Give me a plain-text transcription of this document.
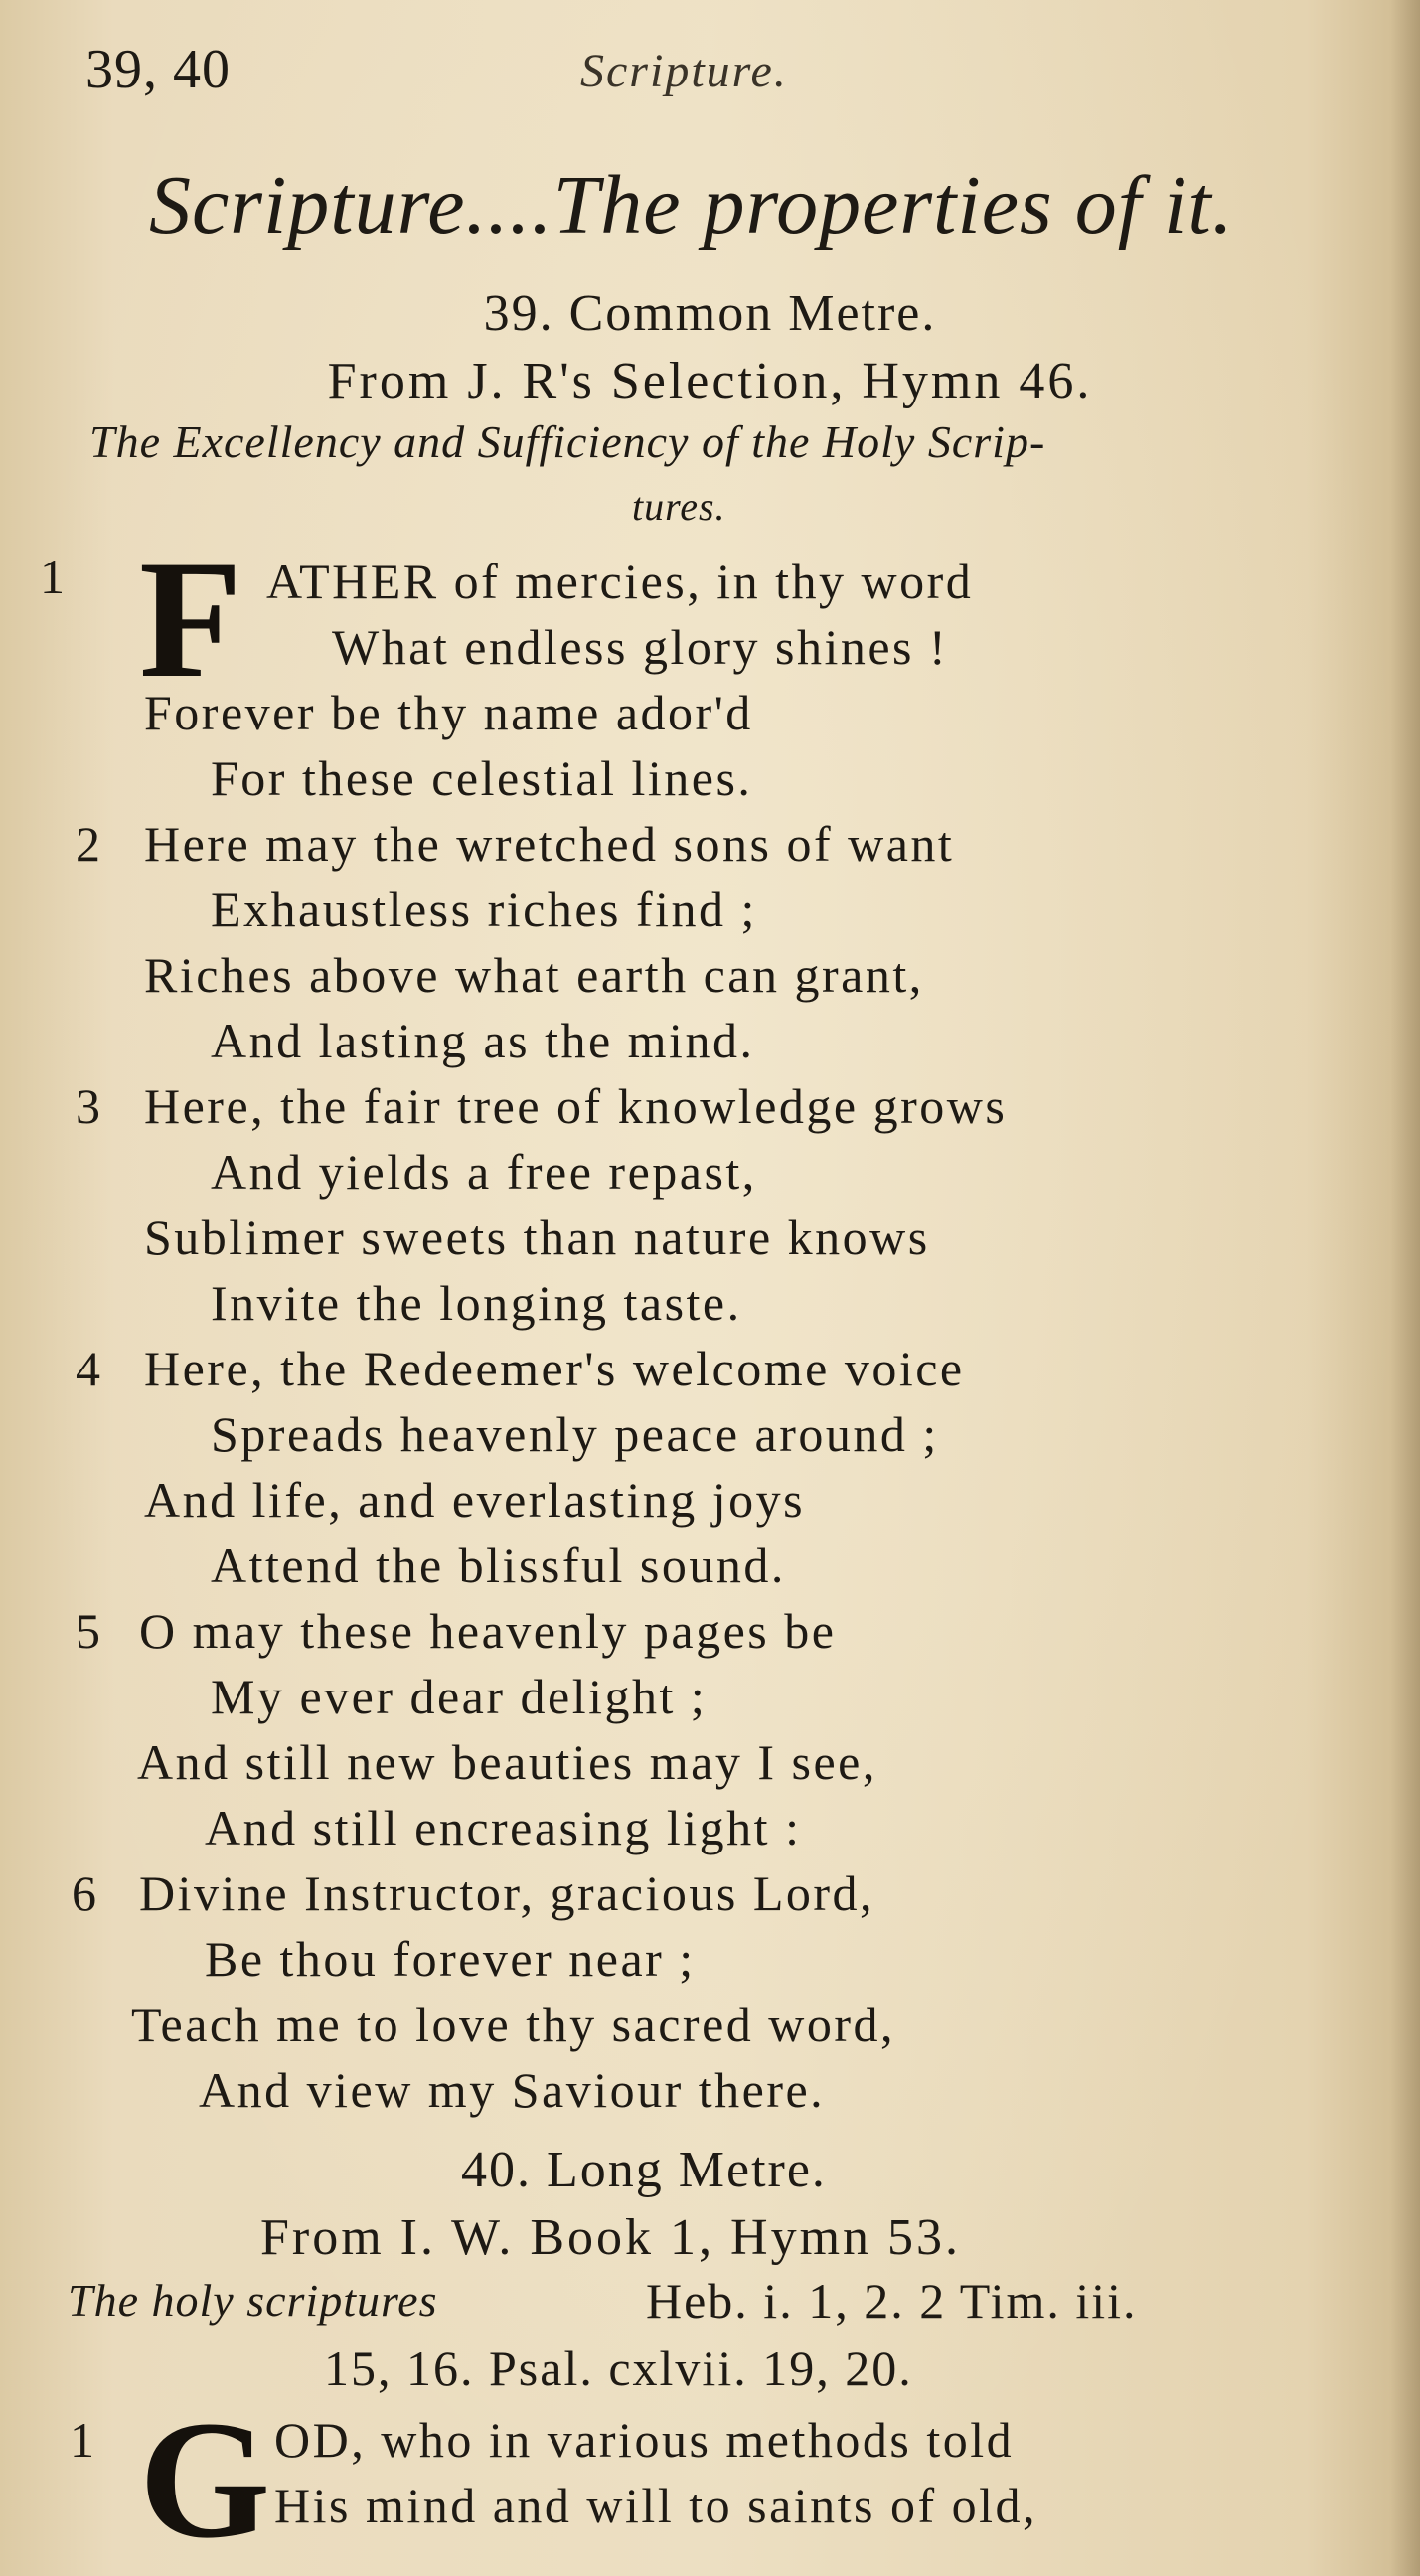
39, 40	Scripture.
Scripture....The properties of it.
39. Common Metre.
From J. R's Selection, Hymn 46.
The Excellency and Sufficiency of the Holy Scrip-
tures.
1 F ATHER of mercies, in thy word
What endless glory shines !
Forever be thy name ador'd
For these celestial lines.
2 Here may the wretched sons of want
Exhaustless riches find ;
Riches above what earth can grant,
And lasting as the mind.
3 Here, the fair tree of knowledge grows
And yields a free repast,
Sublimer sweets than nature knows
Invite the longing taste.
4 Here, the Redeemer's welcome voice
Spreads heavenly peace around ;
And life, and everlasting joys
Attend the blissful sound.
5 O may these heavenly pages be
My ever dear delight ;
And still new beauties may I see,
And still encreasing light :
6 Divine Instructor, gracious Lord,
Be thou forever near ;
Teach me to love thy sacred word,
And view my Saviour there.
40. Long Metre.
From I. W. Book 1, Hymn 53.
The holy scriptures	Heb. i. 1, 2. 2 Tim. iii.
15, 16. Psal. cxlvii. 19, 20.
1 G OD, who in various methods told
His mind and will to saints of old,
